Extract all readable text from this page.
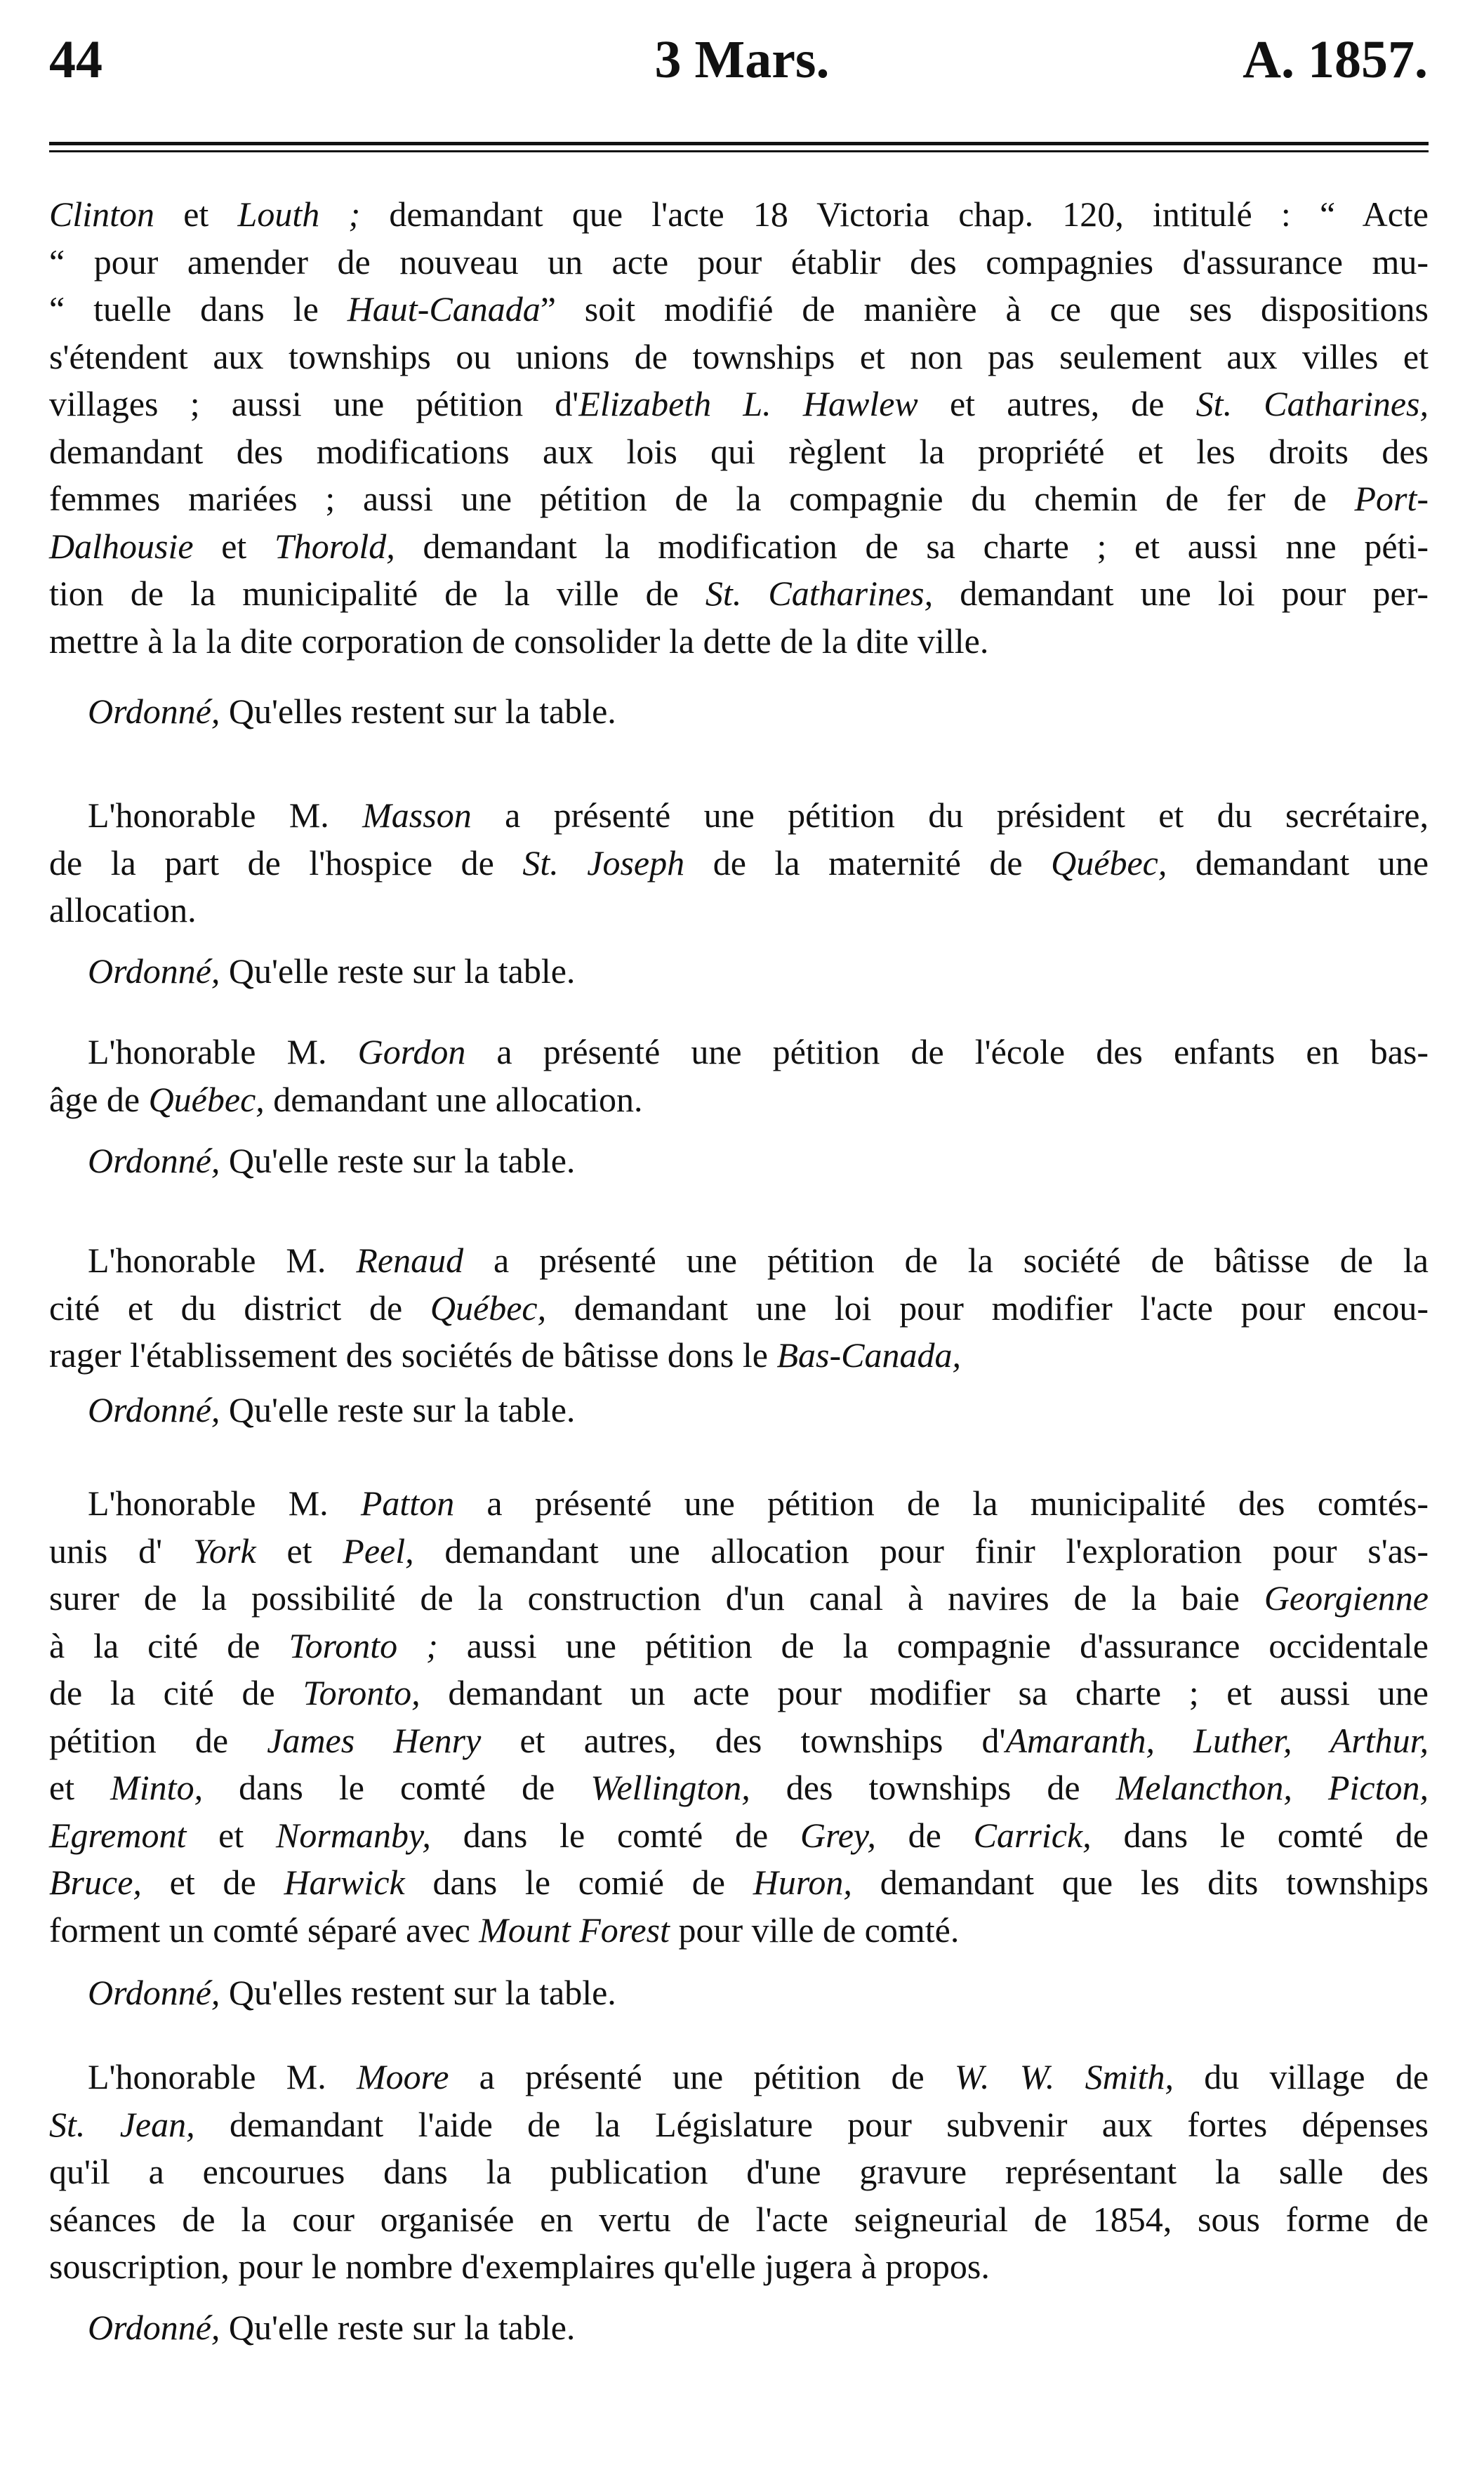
44	3 Mars.	A. 1857.
Clinton et Louth ; demandant que l'acte 18 Victoria chap. 120, intitulé : “ Acte
“ pour amender de nouveau un acte pour établir des compagnies d'assurance mu-
“ tuelle dans le Haut-Canada” soit modifié de manière à ce que ses dispositions
s'étendent aux townships ou unions de townships et non pas seulement aux villes et
villages ; aussi une pétition d'Elizabeth L. Hawlew et autres, de St. Catharines,
demandant des modifications aux lois qui règlent la propriété et les droits des
femmes mariées ; aussi une pétition de la compagnie du chemin de fer de Port-
Dalhousie et Thorold, demandant la modification de sa charte ; et aussi nne péti-
tion de la municipalité de la ville de St. Catharines, demandant une loi pour per-
mettre à la la dite corporation de consolider la dette de la dite ville.
Ordonné, Qu'elles restent sur la table.
L'honorable M. Masson a présenté une pétition du président et du secrétaire,
de la part de l'hospice de St. Joseph de la maternité de Québec, demandant une
allocation.
Ordonné, Qu'elle reste sur la table.
L'honorable M. Gordon a présenté une pétition de l'école des enfants en bas-
âge de Québec, demandant une allocation.
Ordonné, Qu'elle reste sur la table.
L'honorable M. Renaud a présenté une pétition de la société de bâtisse de la
cité et du district de Québec, demandant une loi pour modifier l'acte pour encou-
rager l'établissement des sociétés de bâtisse dons le Bas-Canada,
Ordonné, Qu'elle reste sur la table.
L'honorable M. Patton a présenté une pétition de la municipalité des comtés-
unis d' York et Peel, demandant une allocation pour finir l'exploration pour s'as-
surer de la possibilité de la construction d'un canal à navires de la baie Georgienne
à la cité de Toronto ; aussi une pétition de la compagnie d'assurance occidentale
de la cité de Toronto, demandant un acte pour modifier sa charte ; et aussi une
pétition de James Henry et autres, des townships d'Amaranth, Luther, Arthur,
et Minto, dans le comté de Wellington, des townships de Melancthon, Picton,
Egremont et Normanby, dans le comté de Grey, de Carrick, dans le comté de
Bruce, et de Harwick dans le comié de Huron, demandant que les dits townships
forment un comté séparé avec Mount Forest pour ville de comté.
Ordonné, Qu'elles restent sur la table.
L'honorable M. Moore a présenté une pétition de W. W. Smith, du village de
St. Jean, demandant l'aide de la Législature pour subvenir aux fortes dépenses
qu'il a encourues dans la publication d'une gravure représentant la salle des
séances de la cour organisée en vertu de l'acte seigneurial de 1854, sous forme de
souscription, pour le nombre d'exemplaires qu'elle jugera à propos.
Ordonné, Qu'elle reste sur la table.
